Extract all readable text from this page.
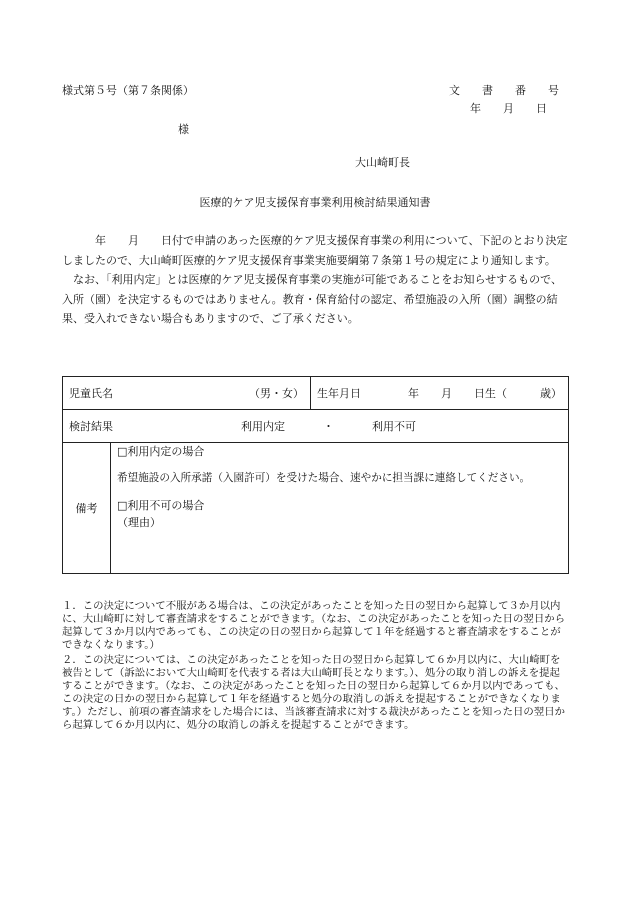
様式第５号（第７条関係）	文　　書　　番　　号
年　　月　　日
様
大山崎町長
医療的ケア児支援保育事業利用検討結果通知書

　　年　　月　　日付で申請のあった医療的ケア児支援保育事業の利用について、下記のとおり決定しましたので、大山崎町医療的ケア児支援保育事業実施要綱第７条第１号の規定により通知します。

なお、「利用内定」とは医療的ケア児支援保育事業の実施が可能であることをお知らせするもので、入所（園）を決定するものではありません。教育・保育給付の認定、希望施設の入所（園）調整の結果、受入れできない場合もありますので、ご了承ください。

児童氏名 （男・女）		生年月日 年　　月　　日生（　　　歳）

検討結果 利用内定 ・ 利用不可		

備考	□利用内定の場合
希望施設の入所承諾（入園許可）を受けた場合、速やかに担当課に連絡してください。
□利用不可の場合
（理由）	

１．この決定について不服がある場合は、この決定があったことを知った日の翌日から起算して３か月以内に、大山崎町に対して審査請求をすることができます。（なお、この決定があったことを知った日の翌日から起算して３か月以内であっても、この決定の日の翌日から起算して１年を経過すると審査請求をすることができなくなります。）

２．この決定については、この決定があったことを知った日の翌日から起算して６か月以内に、大山崎町を被告として（訴訟において大山崎町を代表する者は大山崎町長となります。）、処分の取り消しの訴えを提起することができます。（なお、この決定があったことを知った日の翌日から起算して６か月以内であっても、この決定の日かの翌日から起算して１年を経過すると処分の取消しの訴えを提起することができなくなります。）ただし、前項の審査請求をした場合には、当該審査請求に対する裁決があったことを知った日の翌日から起算して６か月以内に、処分の取消しの訴えを提起することができます。
